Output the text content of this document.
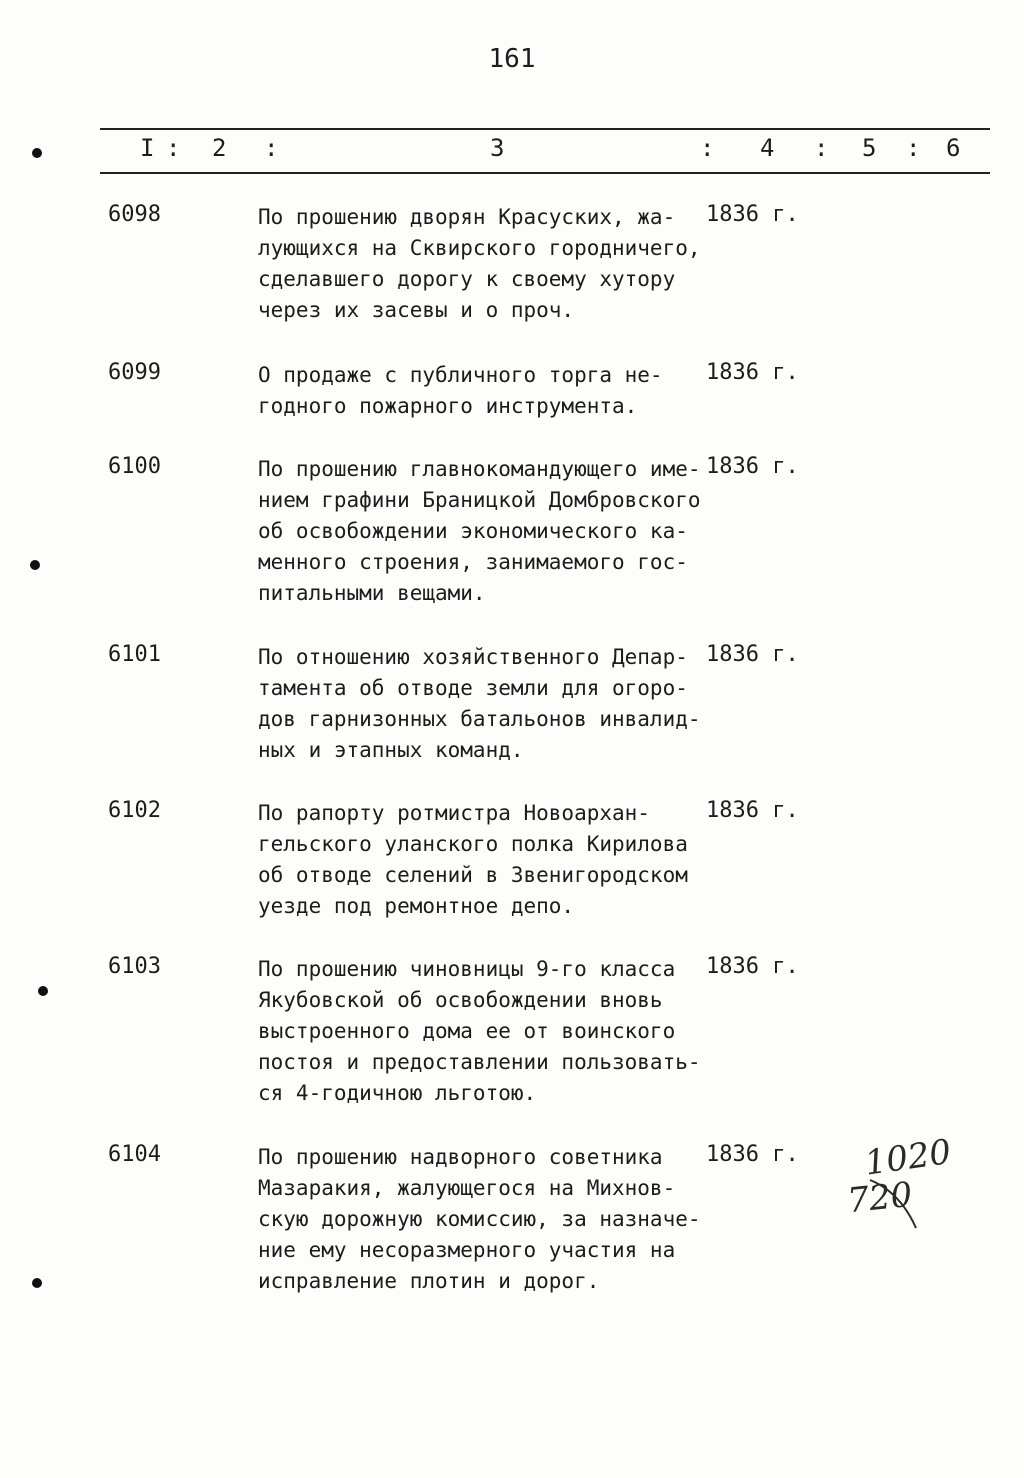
161
I : 2 :	3	: 4 : 5 : 6
6098	По прошению дворян Красуских, жа-
лующихся на Сквирского городничего,
сделавшего дорогу к своему хутору
через их засевы и о проч.
1836 г.
6099	О продаже с публичного торга не-
годного пожарного инструмента.
1836 г.
6100	По прошению главнокомандующего име-
нием графини Браницкой Домбровского
об освобождении экономического ка-
менного строения, занимаемого гос-
питальными вещами.
1836 г.
6101	По отношению хозяйственного Депар-
тамента об отводе земли для огоро-
дов гарнизонных батальонов инвалид-
ных и этапных команд.
1836 г.
6102	По рапорту ротмистра Новоархан-
гельского уланского полка Кирилова
об отводе селений в Звенигородском
уезде под ремонтное депо.
1836 г.
6103	По прошению чиновницы 9-го класса
Якубовской об освобождении вновь
выстроенного дома ее от воинского
постоя и предоставлении пользовать-
ся 4-годичною льготою.
1836 г.
6104	По прошению надворного советника
Мазаракия, жалующегося на Михнов-
скую дорожную комиссию, за назначе-
ние ему несоразмерного участия на
исправление плотин и дорог.
1836 г. 1020
720
